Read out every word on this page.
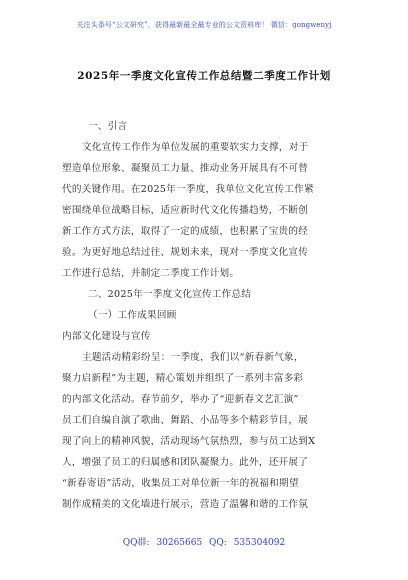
关注头条号“公文研究”，获得最新最全最专业的公文资料库！ 微信：gongwenyj
2025年一季度文化宣传工作总结暨二季度工作计划
一、引言
文化宣传工作作为单位发展的重要软实力支撑，对于
塑造单位形象、凝聚员工力量、推动业务开展具有不可替
代的关键作用。在2025年一季度，我单位文化宣传工作紧
密围绕单位战略目标，适应新时代文化传播趋势，不断创
新工作方式方法，取得了一定的成绩，也积累了宝贵的经
验。为更好地总结过往、规划未来，现对一季度文化宣传
工作进行总结，并制定二季度工作计划。
二、2025年一季度文化宣传工作总结
（一）工作成果回顾
内部文化建设与宣传
主题活动精彩纷呈：一季度，我们以“新春新气象，
聚力启新程”为主题，精心策划并组织了一系列丰富多彩
的内部文化活动。春节前夕，举办了“迎新春文艺汇演”
员工们自编自演了歌曲、舞蹈、小品等多个精彩节目，展
现了向上的精神风貌，活动现场气氛热烈，参与员工达到X
人，增强了员工的归属感和团队凝聚力。此外，还开展了
“新春寄语”活动，收集员工对单位新一年的祝福和期望
制作成精美的文化墙进行展示，营造了温馨和谐的工作氛
QQ群: 30265665 QQ: 535304092
